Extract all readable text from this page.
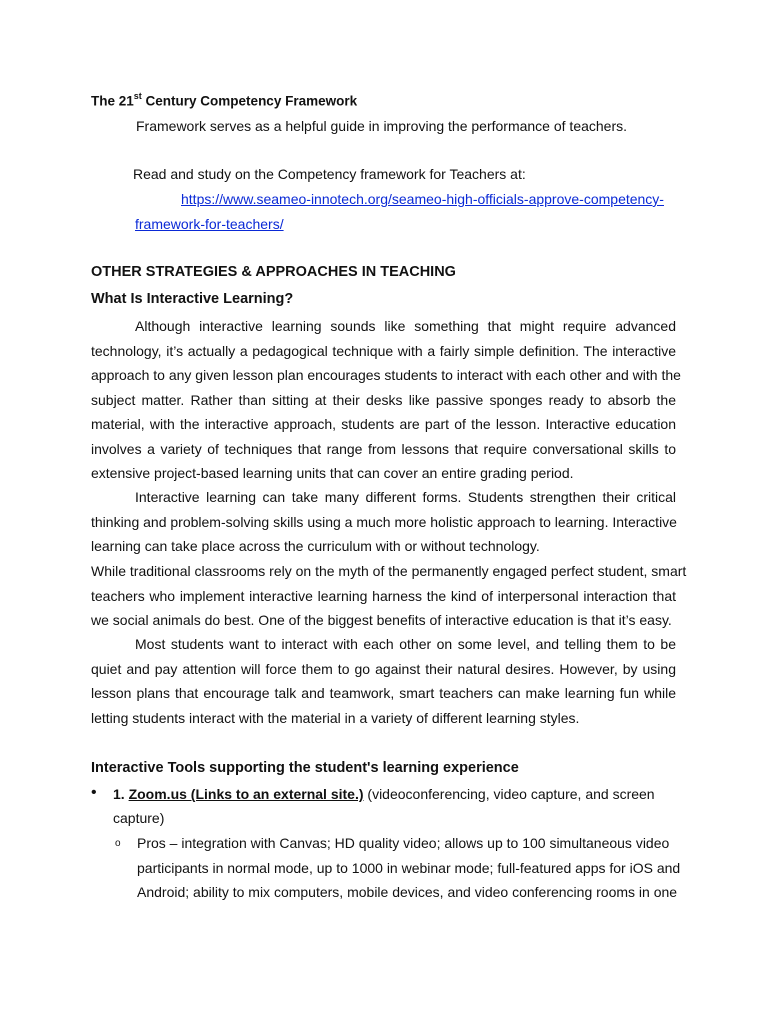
The 21st Century Competency Framework
Framework serves as a helpful guide in improving the performance of teachers.
Read and study on the Competency framework for Teachers at:
https://www.seameo-innotech.org/seameo-high-officials-approve-competency-
framework-for-teachers/
OTHER STRATEGIES & APPROACHES IN TEACHING
What Is Interactive Learning?
Although interactive learning sounds like something that might require advanced
technology, it’s actually a pedagogical technique with a fairly simple definition. The interactive
approach to any given lesson plan encourages students to interact with each other and with the
subject matter. Rather than sitting at their desks like passive sponges ready to absorb the
material, with the interactive approach, students are part of the lesson. Interactive education
involves a variety of techniques that range from lessons that require conversational skills to
extensive project-based learning units that can cover an entire grading period.
Interactive learning can take many different forms. Students strengthen their critical
thinking and problem-solving skills using a much more holistic approach to learning. Interactive
learning can take place across the curriculum with or without technology.
While traditional classrooms rely on the myth of the permanently engaged perfect student, smart
teachers who implement interactive learning harness the kind of interpersonal interaction that
we social animals do best. One of the biggest benefits of interactive education is that it’s easy.
Most students want to interact with each other on some level, and telling them to be
quiet and pay attention will force them to go against their natural desires. However, by using
lesson plans that encourage talk and teamwork, smart teachers can make learning fun while
letting students interact with the material in a variety of different learning styles.
Interactive Tools supporting the student's learning experience
• 1. Zoom.us (Links to an external site.) (videoconferencing, video capture, and screen
capture)
o Pros – integration with Canvas; HD quality video; allows up to 100 simultaneous video
participants in normal mode, up to 1000 in webinar mode; full-featured apps for iOS and
Android; ability to mix computers, mobile devices, and video conferencing rooms in one
